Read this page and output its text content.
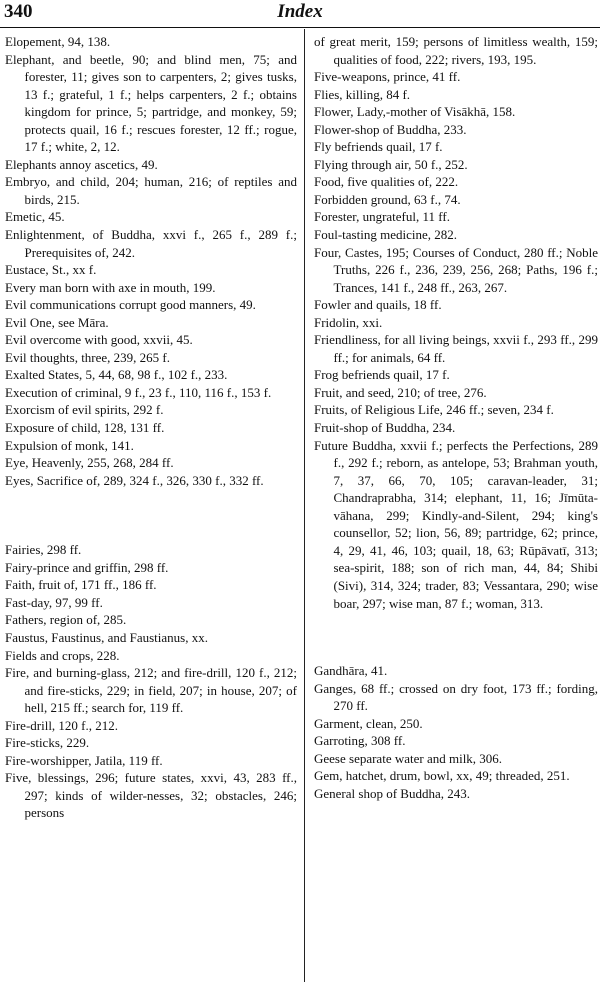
340	Index
Elopement, 94, 138.
Elephant, and beetle, 90; and blind men, 75; and forester, 11; gives son to carpenters, 2; gives tusks, 13 f.; grateful, 1 f.; helps carpenters, 2 f.; obtains kingdom for prince, 5; partridge, and monkey, 59; protects quail, 16 f.; rescues forester, 12 ff.; rogue, 17 f.; white, 2, 12.
Elephants annoy ascetics, 49.
Embryo, and child, 204; human, 216; of reptiles and birds, 215.
Emetic, 45.
Enlightenment, of Buddha, xxvi f., 265 f., 289 f.; Prerequisites of, 242.
Eustace, St., xx f.
Every man born with axe in mouth, 199.
Evil communications corrupt good manners, 49.
Evil One, see Māra.
Evil overcome with good, xxvii, 45.
Evil thoughts, three, 239, 265 f.
Exalted States, 5, 44, 68, 98 f., 102 f., 233.
Execution of criminal, 9 f., 23 f., 110, 116 f., 153 f.
Exorcism of evil spirits, 292 f.
Exposure of child, 128, 131 ff.
Expulsion of monk, 141.
Eye, Heavenly, 255, 268, 284 ff.
Eyes, Sacrifice of, 289, 324 f., 326, 330 f., 332 ff.
Fairies, 298 ff.
Fairy-prince and griffin, 298 ff.
Faith, fruit of, 171 ff., 186 ff.
Fast-day, 97, 99 ff.
Fathers, region of, 285.
Faustus, Faustinus, and Faustianus, xx.
Fields and crops, 228.
Fire, and burning-glass, 212; and fire-drill, 120 f., 212; and fire-sticks, 229; in field, 207; in house, 207; of hell, 215 ff.; search for, 119 ff.
Fire-drill, 120 f., 212.
Fire-sticks, 229.
Fire-worshipper, Jatila, 119 ff.
Five, blessings, 296; future states, xxvi, 43, 283 ff., 297; kinds of wilder-nesses, 32; obstacles, 246; persons
of great merit, 159; persons of limitless wealth, 159; qualities of food, 222; rivers, 193, 195.
Five-weapons, prince, 41 ff.
Flies, killing, 84 f.
Flower, Lady,-mother of Visākhā, 158.
Flower-shop of Buddha, 233.
Fly befriends quail, 17 f.
Flying through air, 50 f., 252.
Food, five qualities of, 222.
Forbidden ground, 63 f., 74.
Forester, ungrateful, 11 ff.
Foul-tasting medicine, 282.
Four, Castes, 195; Courses of Conduct, 280 ff.; Noble Truths, 226 f., 236, 239, 256, 268; Paths, 196 f.; Trances, 141 f., 248 ff., 263, 267.
Fowler and quails, 18 ff.
Fridolin, xxi.
Friendliness, for all living beings, xxvii f., 293 ff., 299 ff.; for animals, 64 ff.
Frog befriends quail, 17 f.
Fruit, and seed, 210; of tree, 276.
Fruits, of Religious Life, 246 ff.; seven, 234 f.
Fruit-shop of Buddha, 234.
Future Buddha, xxvii f.; perfects the Perfections, 289 f., 292 f.; reborn, as antelope, 53; Brahman youth, 7, 37, 66, 70, 105; caravan-leader, 31; Chandraprabha, 314; elephant, 11, 16; Jīmūta-vāhana, 299; Kindly-and-Silent, 294; king's counsellor, 52; lion, 56, 89; partridge, 62; prince, 4, 29, 41, 46, 103; quail, 18, 63; Rūpāvatī, 313; sea-spirit, 188; son of rich man, 44, 84; Shibi (Sivi), 314, 324; trader, 83; Vessantara, 290; wise boar, 297; wise man, 87 f.; woman, 313.
Gandhāra, 41.
Ganges, 68 ff.; crossed on dry foot, 173 ff.; fording, 270 ff.
Garment, clean, 250.
Garroting, 308 ff.
Geese separate water and milk, 306.
Gem, hatchet, drum, bowl, xx, 49; threaded, 251.
General shop of Buddha, 243.
